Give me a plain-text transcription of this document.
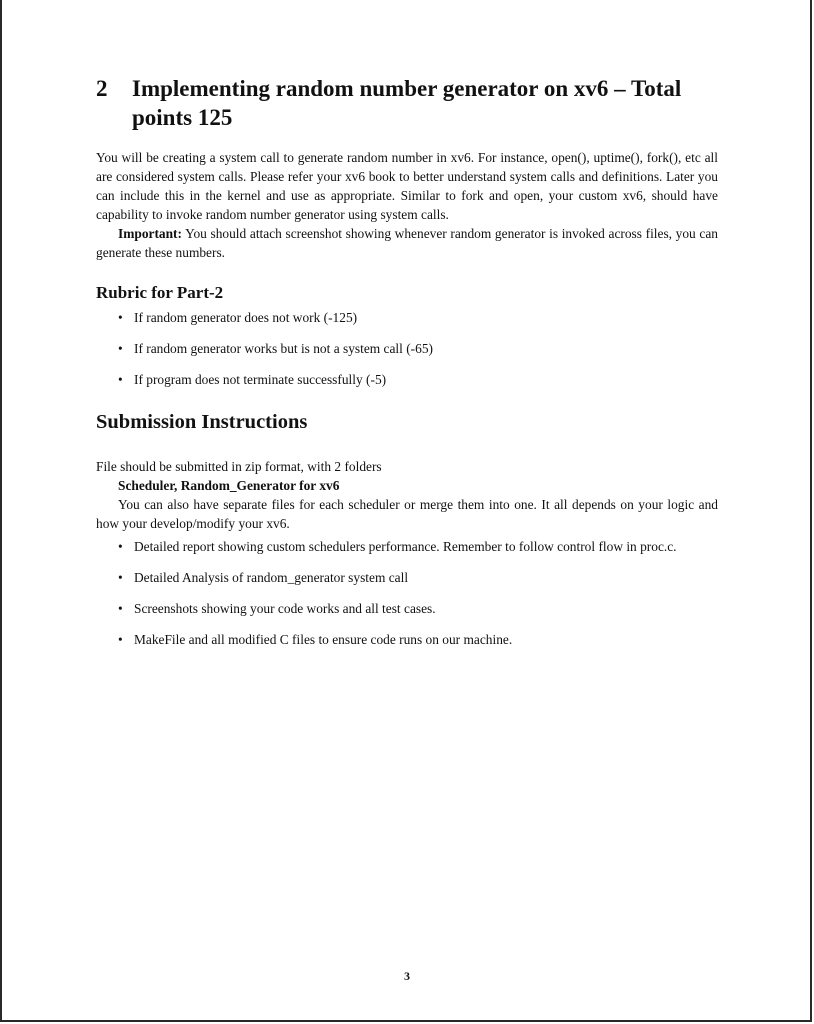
2	Implementing random number generator on xv6 – Total points 125

You will be creating a system call to generate random number in xv6. For instance, open(), uptime(), fork(), etc all are considered system calls. Please refer your xv6 book to better understand system calls and definitions. Later you can include this in the kernel and use as appropriate. Similar to fork and open, your custom xv6, should have capability to invoke random number generator using system calls.

Important: You should attach screenshot showing whenever random generator is invoked across files, you can generate these numbers.

Rubric for Part-2
• If random generator does not work (-125)
• If random generator works but is not a system call (-65)
• If program does not terminate successfully (-5)
Submission Instructions

File should be submitted in zip format, with 2 folders

Scheduler, Random_Generator for xv6

You can also have separate files for each scheduler or merge them into one. It all depends on your logic and how your develop/modify your xv6.

• Detailed report showing custom schedulers performance. Remember to follow control flow in proc.c.
• Detailed Analysis of random_generator system call
• Screenshots showing your code works and all test cases.
• MakeFile and all modified C files to ensure code runs on our machine.
3
